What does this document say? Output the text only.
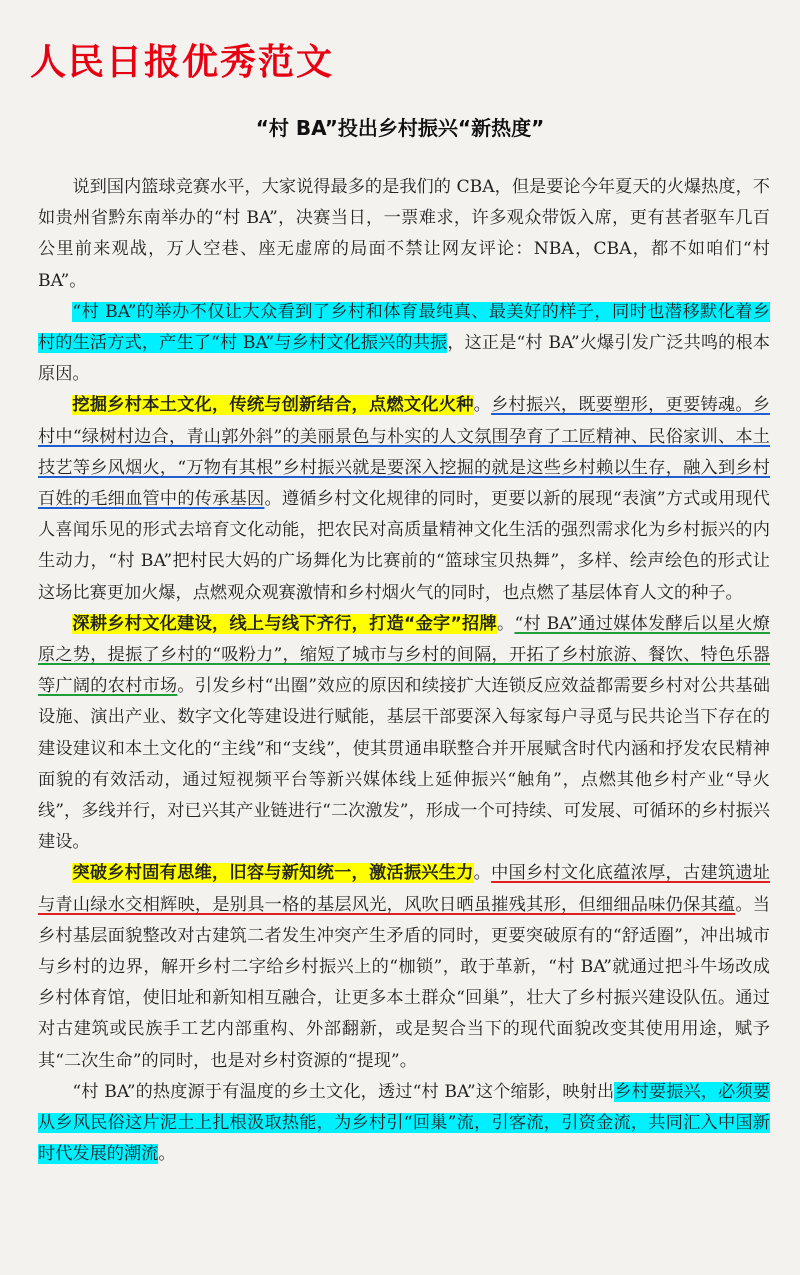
人民日报优秀范文
“村 BA”投出乡村振兴“新热度”

说到国内篮球竞赛水平，大家说得最多的是我们的 CBA，但是要论今年夏天的火爆热度，不如贵州省黔东南举办的“村 BA”，决赛当日，一票难求，许多观众带饭入席，更有甚者驱车几百公里前来观战，万人空巷、座无虚席的局面不禁让网友评论：NBA，CBA，都不如咱们“村 BA”。

“村 BA”的举办不仅让大众看到了乡村和体育最纯真、最美好的样子，同时也潜移默化着乡村的生活方式，产生了“村 BA”与乡村文化振兴的共振，这正是“村 BA”火爆引发广泛共鸣的根本原因。

挖掘乡村本土文化，传统与创新结合，点燃文化火种。乡村振兴，既要塑形，更要铸魂。乡村中“绿树村边合，青山郭外斜”的美丽景色与朴实的人文氛围孕育了工匠精神、民俗家训、本土技艺等乡风烟火，“万物有其根”乡村振兴就是要深入挖掘的就是这些乡村赖以生存，融入到乡村百姓的毛细血管中的传承基因。遵循乡村文化规律的同时，更要以新的展现“表演”方式或用现代人喜闻乐见的形式去培育文化动能，把农民对高质量精神文化生活的强烈需求化为乡村振兴的内生动力，“村 BA”把村民大妈的广场舞化为比赛前的“篮球宝贝热舞”，多样、绘声绘色的形式让这场比赛更加火爆，点燃观众观赛激情和乡村烟火气的同时，也点燃了基层体育人文的种子。

深耕乡村文化建设，线上与线下齐行，打造“金字”招牌。“村 BA”通过媒体发酵后以星火燎原之势，提振了乡村的“吸粉力”，缩短了城市与乡村的间隔，开拓了乡村旅游、餐饮、特色乐器等广阔的农村市场。引发乡村“出圈”效应的原因和续接扩大连锁反应效益都需要乡村对公共基础设施、演出产业、数字文化等建设进行赋能，基层干部要深入每家每户寻觅与民共论当下存在的建设建议和本土文化的“主线”和“支线”，使其贯通串联整合并开展赋含时代内涵和抒发农民精神面貌的有效活动，通过短视频平台等新兴媒体线上延伸振兴“触角”，点燃其他乡村产业“导火线”，多线并行，对已兴其产业链进行“二次激发”，形成一个可持续、可发展、可循环的乡村振兴建设。

突破乡村固有思维，旧容与新知统一，激活振兴生力。中国乡村文化底蕴浓厚，古建筑遗址与青山绿水交相辉映，是别具一格的基层风光，风吹日晒虽摧残其形，但细细品味仍保其蕴。当乡村基层面貌整改对古建筑二者发生冲突产生矛盾的同时，更要突破原有的“舒适圈”，冲出城市与乡村的边界，解开乡村二字给乡村振兴上的“枷锁”，敢于革新，“村 BA”就通过把斗牛场改成乡村体育馆，使旧址和新知相互融合，让更多本土群众“回巢”，壮大了乡村振兴建设队伍。通过对古建筑或民族手工艺内部重构、外部翻新，或是契合当下的现代面貌改变其使用用途，赋予其“二次生命”的同时，也是对乡村资源的“提现”。

“村 BA”的热度源于有温度的乡土文化，透过“村 BA”这个缩影，映射出乡村要振兴，必须要从乡风民俗这片泥土上扎根汲取热能，为乡村引“回巢”流，引客流，引资金流，共同汇入中国新时代发展的潮流。
